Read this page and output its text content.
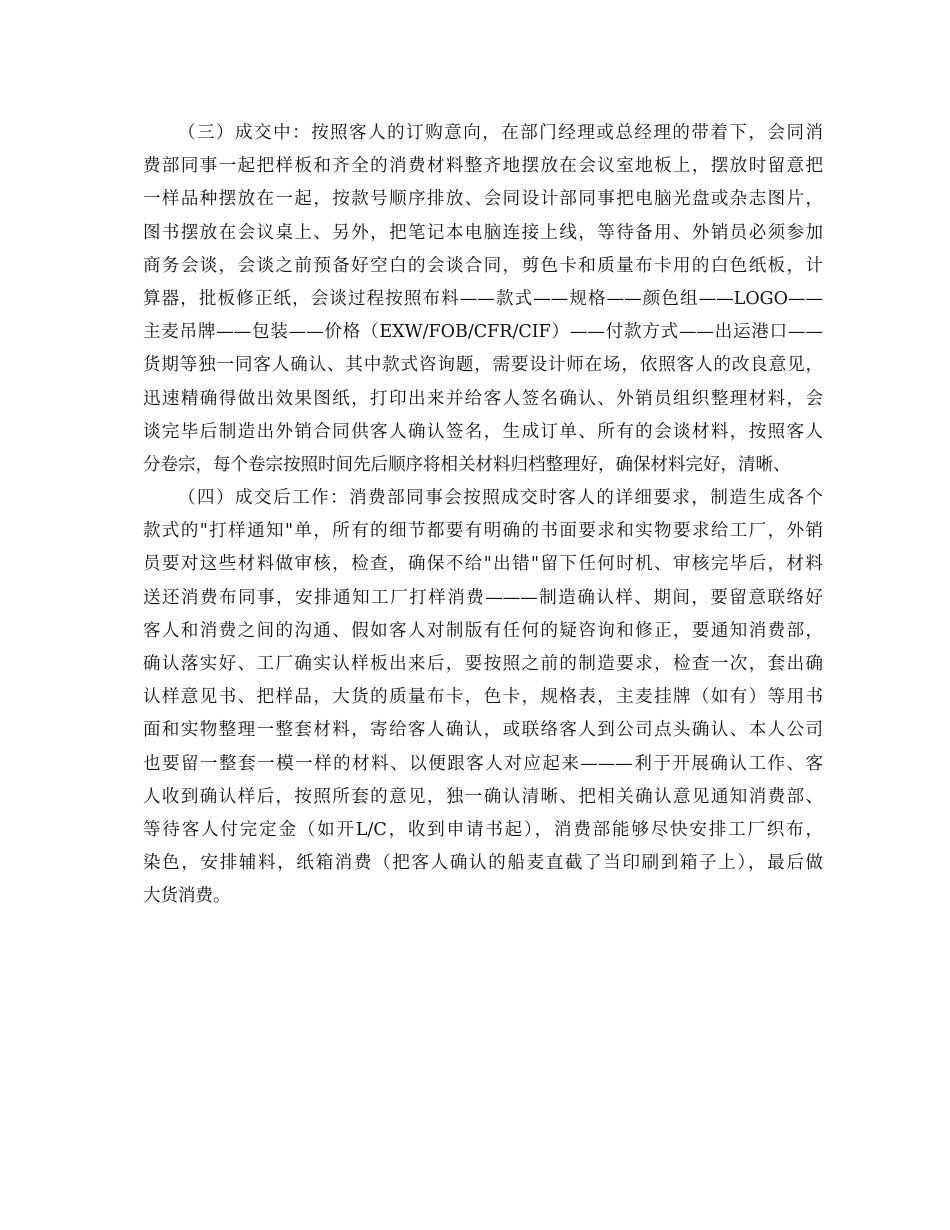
（三）成交中：按照客人的订购意向，在部门经理或总经理的带着下，会同消
费部同事一起把样板和齐全的消费材料整齐地摆放在会议室地板上，摆放时留意把
一样品种摆放在一起，按款号顺序排放、会同设计部同事把电脑光盘或杂志图片，
图书摆放在会议桌上、另外，把笔记本电脑连接上线，等待备用、外销员必须参加
商务会谈，会谈之前预备好空白的会谈合同，剪色卡和质量布卡用的白色纸板，计
算器，批板修正纸，会谈过程按照布料——款式——规格——颜色组——LOGO——
主麦吊牌——包装——价格（EXW/FOB/CFR/CIF）——付款方式——出运港口——
货期等独一同客人确认、其中款式咨询题，需要设计师在场，依照客人的改良意见，
迅速精确得做出效果图纸，打印出来并给客人签名确认、外销员组织整理材料，会
谈完毕后制造出外销合同供客人确认签名，生成订单、所有的会谈材料，按照客人
分卷宗，每个卷宗按照时间先后顺序将相关材料归档整理好，确保材料完好，清晰、
（四）成交后工作：消费部同事会按照成交时客人的详细要求，制造生成各个
款式的"打样通知"单，所有的细节都要有明确的书面要求和实物要求给工厂，外销
员要对这些材料做审核，检查，确保不给"出错"留下任何时机、审核完毕后，材料
送还消费布同事，安排通知工厂打样消费———制造确认样、期间，要留意联络好
客人和消费之间的沟通、假如客人对制版有任何的疑咨询和修正，要通知消费部，
确认落实好、工厂确实认样板出来后，要按照之前的制造要求，检查一次，套出确
认样意见书、把样品，大货的质量布卡，色卡，规格表，主麦挂牌（如有）等用书
面和实物整理一整套材料，寄给客人确认，或联络客人到公司点头确认、本人公司
也要留一整套一模一样的材料、以便跟客人对应起来———利于开展确认工作、客
人收到确认样后，按照所套的意见，独一确认清晰、把相关确认意见通知消费部、
等待客人付完定金（如开L/C，收到申请书起），消费部能够尽快安排工厂织布，
染色，安排辅料，纸箱消费（把客人确认的船麦直截了当印刷到箱子上），最后做
大货消费。
